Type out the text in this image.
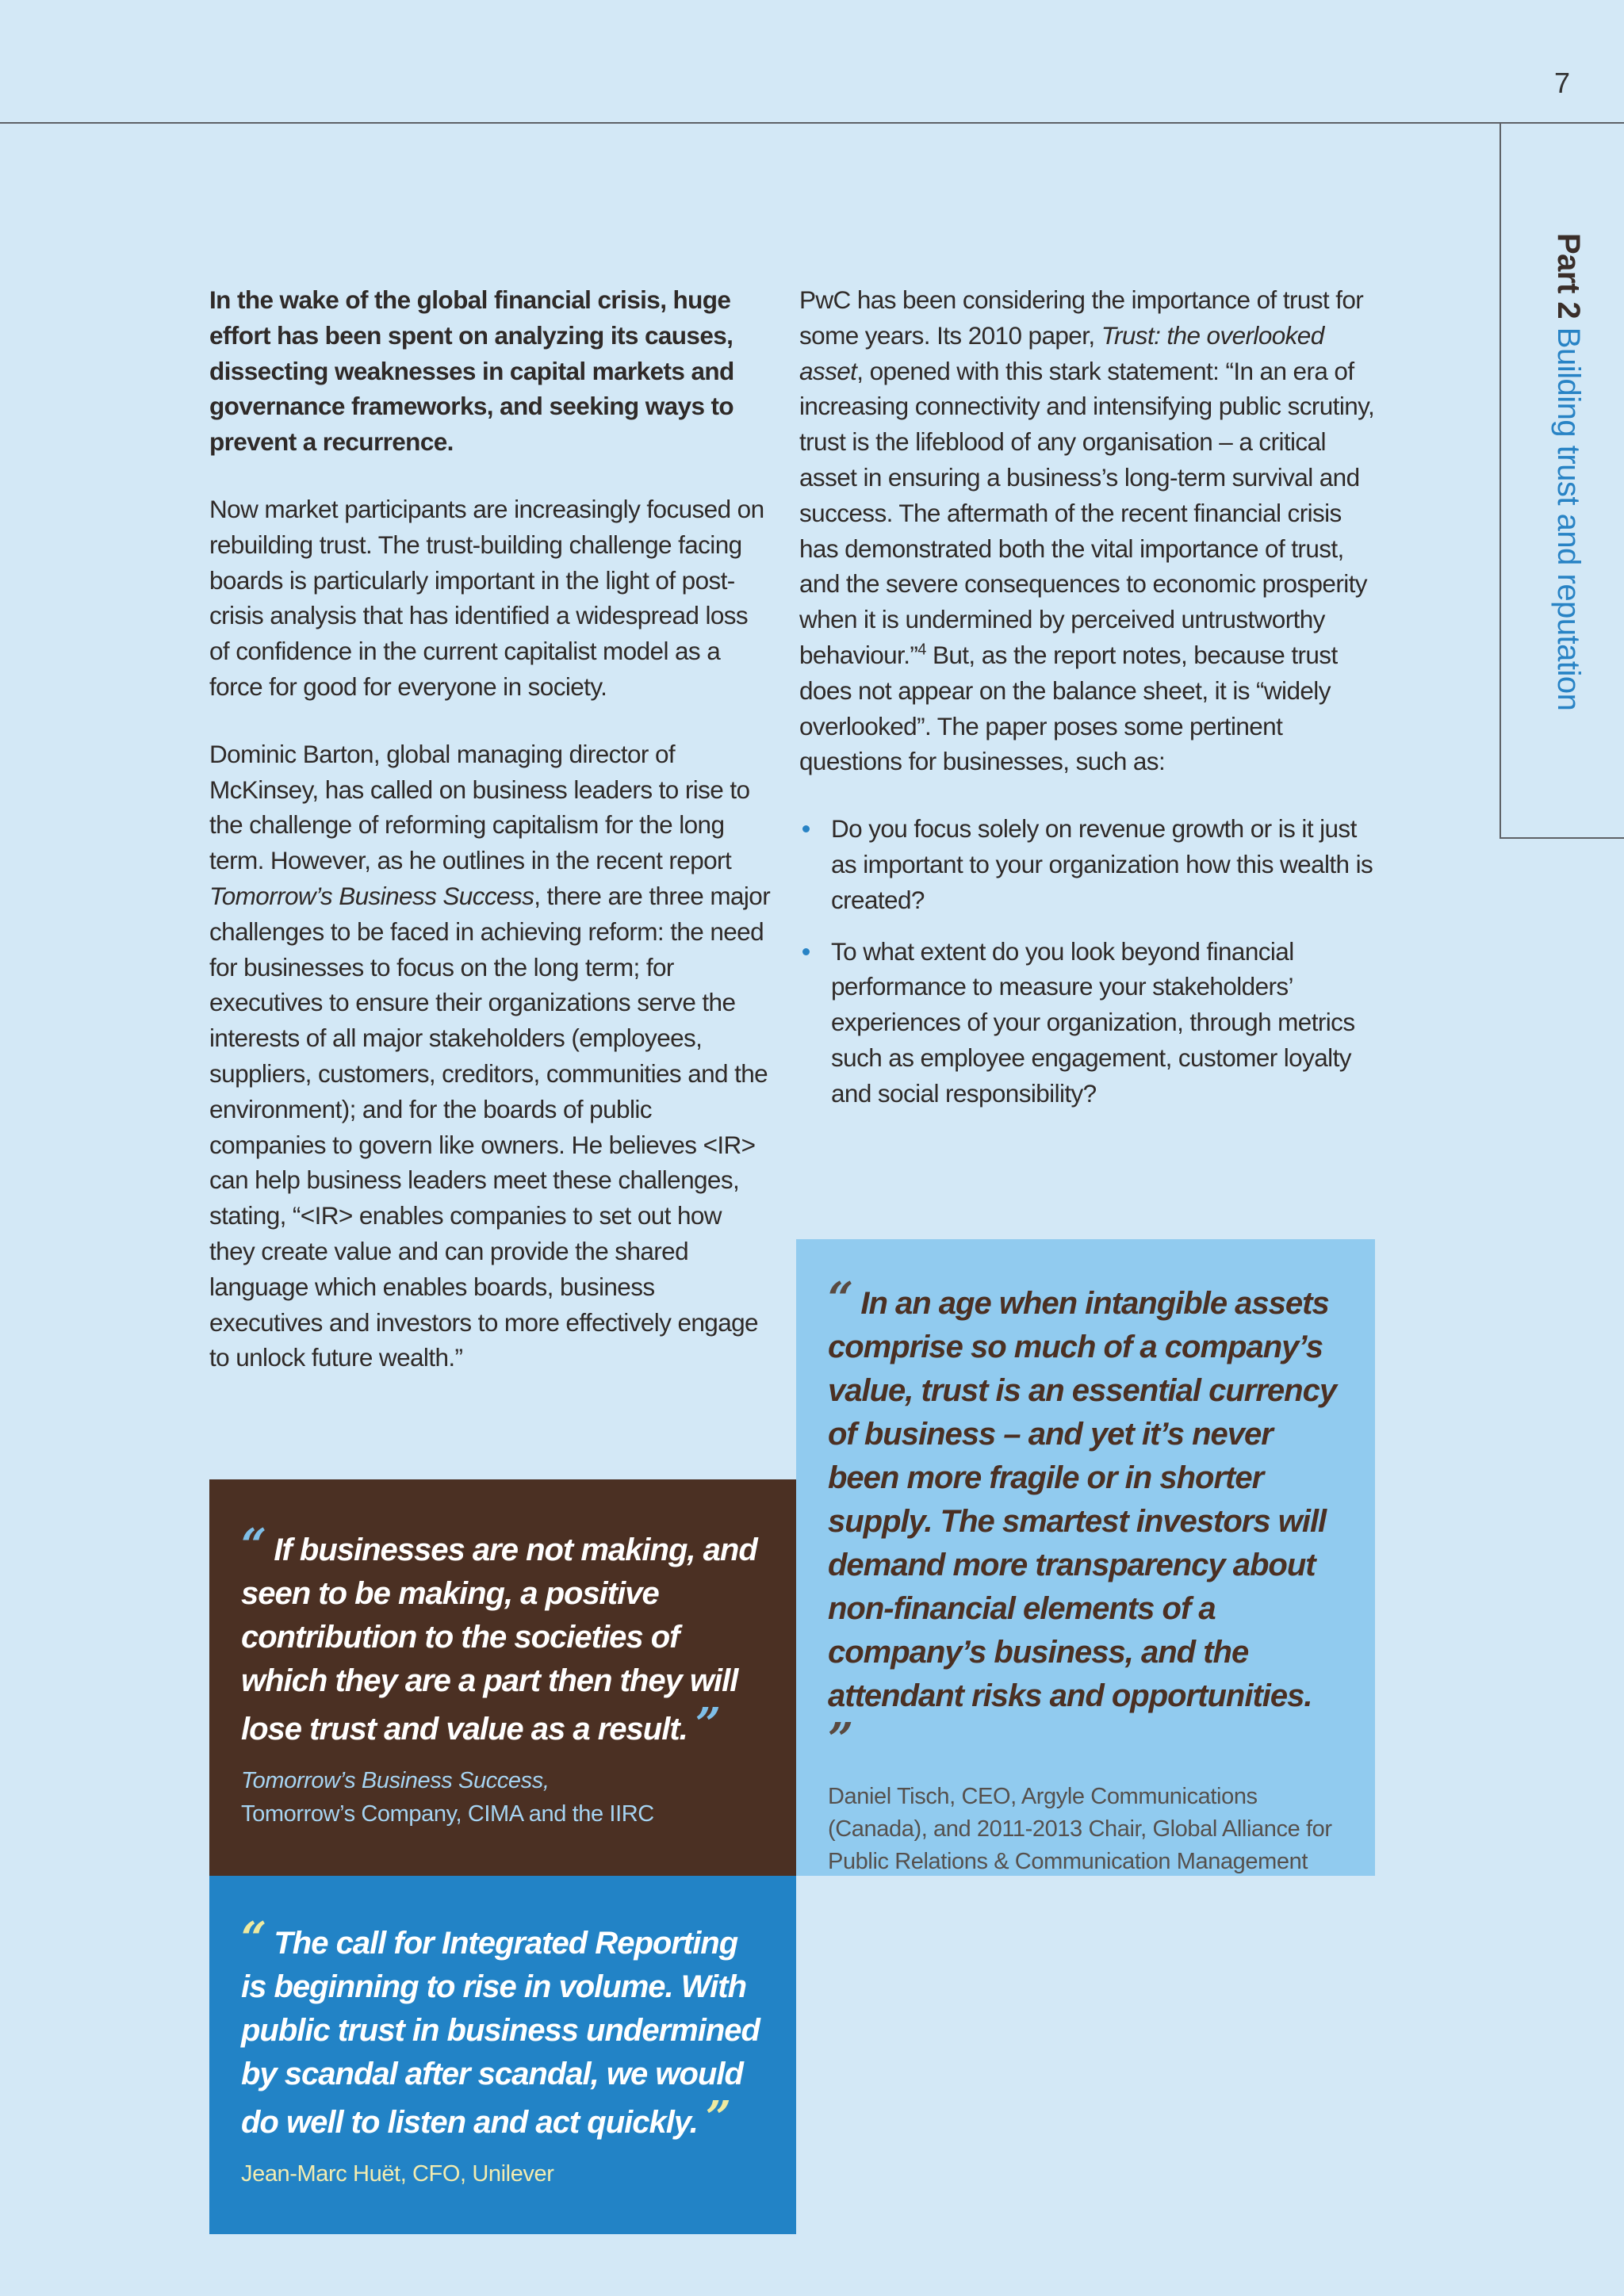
7
Part 2 Building trust and reputation

In the wake of the global financial crisis, huge effort has been spent on analyzing its causes, dissecting weaknesses in capital markets and governance frameworks, and seeking ways to prevent a recurrence.

Now market participants are increasingly focused on rebuilding trust. The trust-building challenge facing boards is particularly important in the light of post-crisis analysis that has identified a widespread loss of confidence in the current capitalist model as a force for good for everyone in society.

Dominic Barton, global managing director of McKinsey, has called on business leaders to rise to the challenge of reforming capitalism for the long term. However, as he outlines in the recent report Tomorrow’s Business Success, there are three major challenges to be faced in achieving reform: the need for businesses to focus on the long term; for executives to ensure their organizations serve the interests of all major stakeholders (employees, suppliers, customers, creditors, communities and the environment); and for the boards of public companies to govern like owners. He believes <IR> can help business leaders meet these challenges, stating, “<IR> enables companies to set out how they create value and can provide the shared language which enables boards, business executives and investors to more effectively engage to unlock future wealth.”

PwC has been considering the importance of trust for some years. Its 2010 paper, Trust: the overlooked asset, opened with this stark statement: “In an era of increasing connectivity and intensifying public scrutiny, trust is the lifeblood of any organisation – a critical asset in ensuring a business’s long-term survival and success. The aftermath of the recent financial crisis has demonstrated both the vital importance of trust, and the severe consequences to economic prosperity when it is undermined by perceived untrustworthy behaviour.”$^4$ But, as the report notes, because trust does not appear on the balance sheet, it is “widely overlooked”. The paper poses some pertinent questions for businesses, such as:

Do you focus solely on revenue growth or is it just as important to your organization how this wealth is created?
To what extent do you look beyond financial performance to measure your stakeholders’ experiences of your organization, through metrics such as employee engagement, customer loyalty and social responsibility?
“ In an age when intangible assets comprise so much of a company’s value, trust is an essential currency of business – and yet it’s never been more fragile or in shorter supply. The smartest investors will demand more transparency about non-financial elements of a company’s business, and the attendant risks and opportunities. ”
Daniel Tisch, CEO, Argyle Communications (Canada), and 2011-2013 Chair, Global Alliance for Public Relations & Communication Management
“ If businesses are not making, and seen to be making, a positive contribution to the societies of which they are a part then they will lose trust and value as a result. ”
Tomorrow’s Business Success,
Tomorrow’s Company, CIMA and the IIRC
“ The call for Integrated Reporting is beginning to rise in volume. With public trust in business undermined by scandal after scandal, we would do well to listen and act quickly. ”
Jean-Marc Huët, CFO, Unilever
